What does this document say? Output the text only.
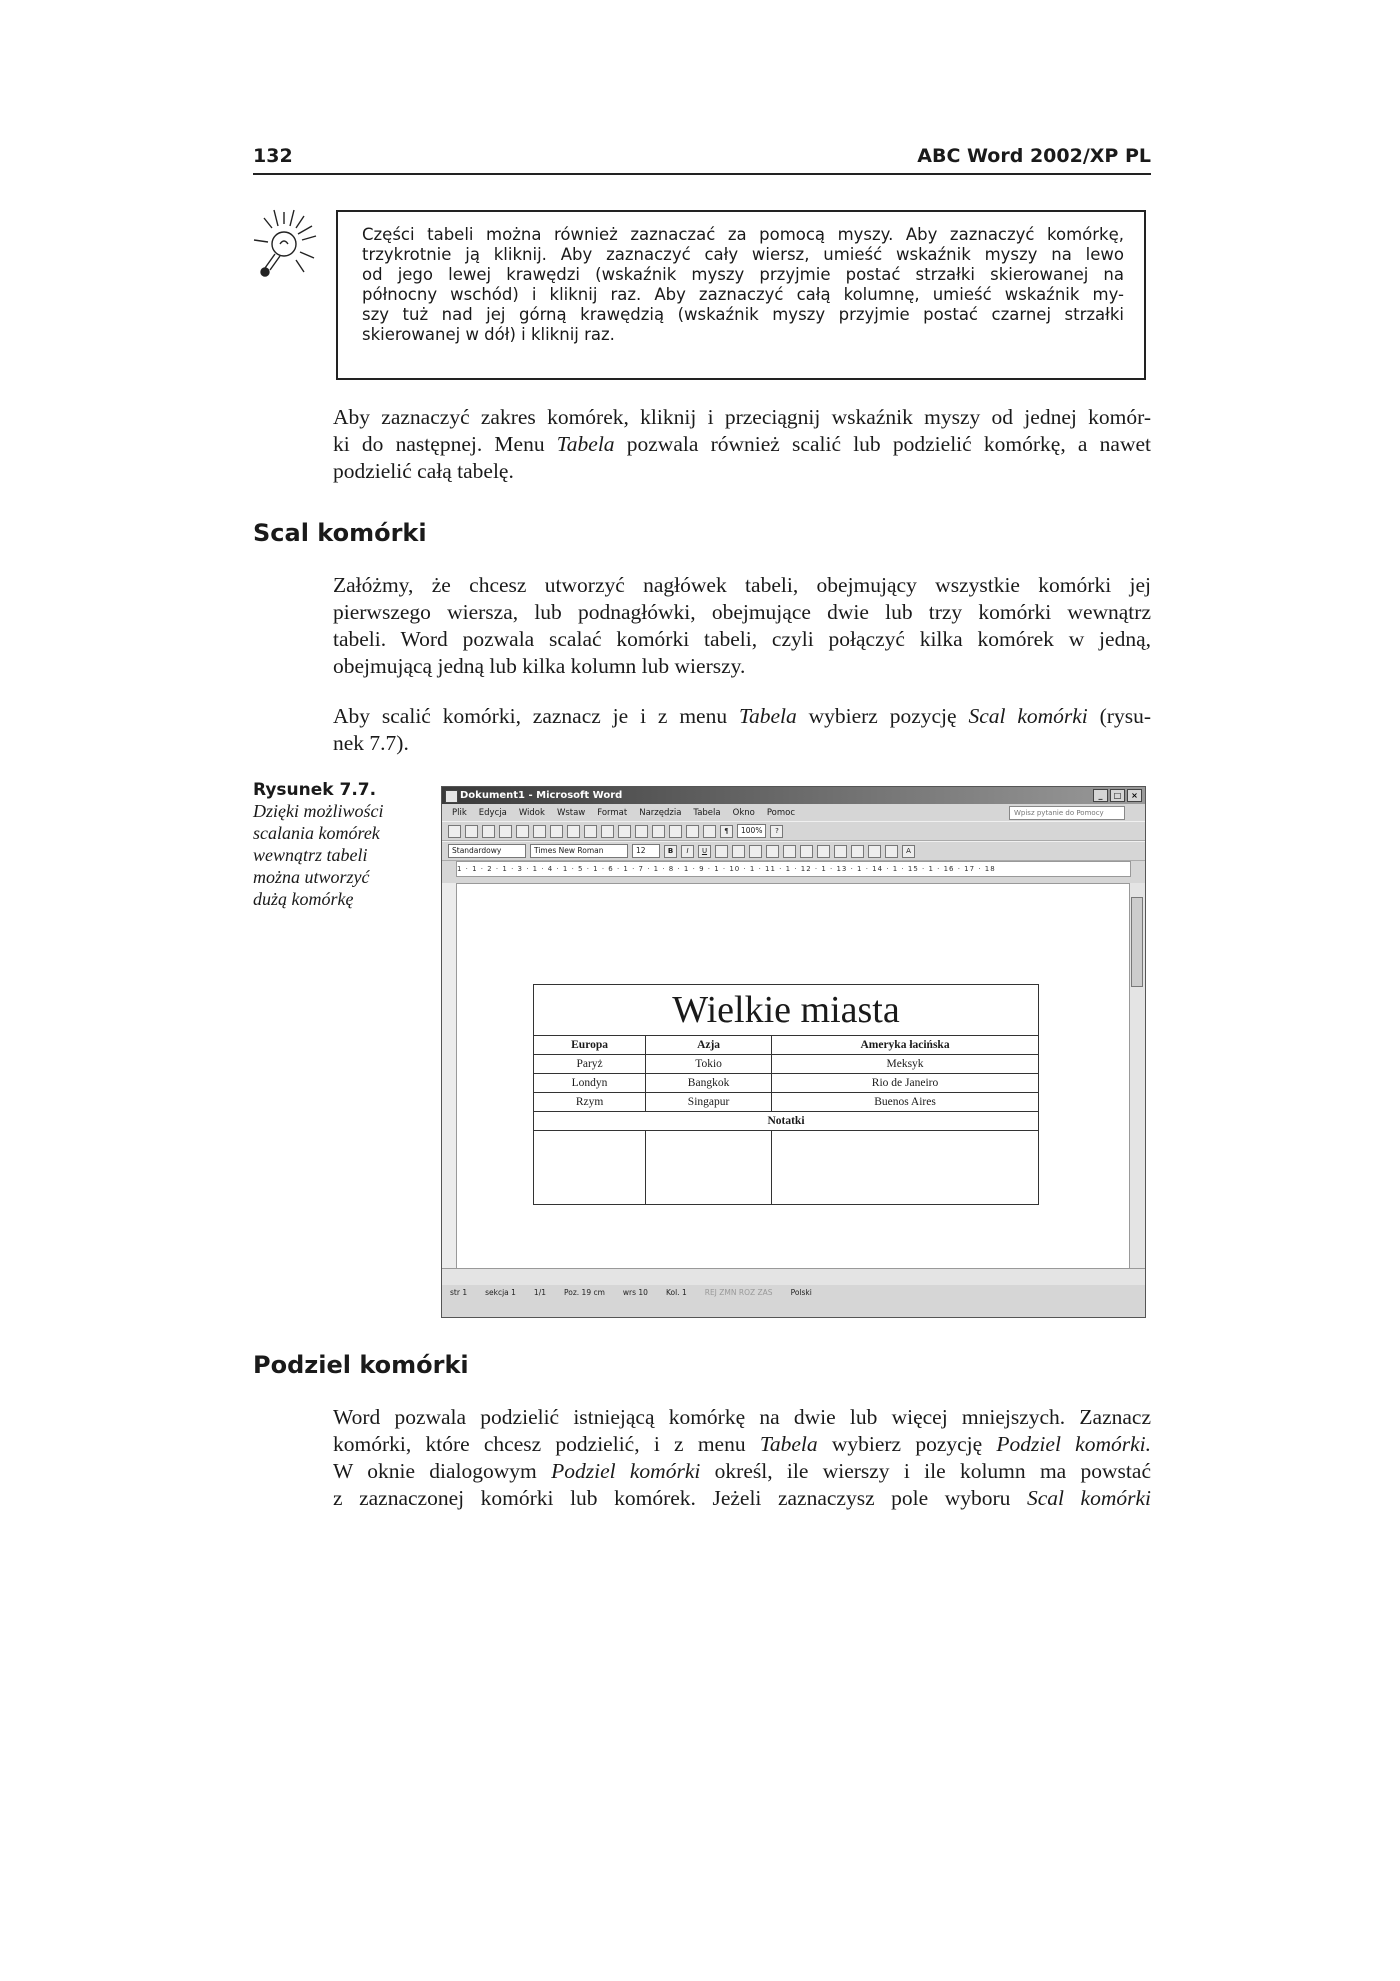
132	ABC Word 2002/XP PL
Części tabeli można również zaznaczać za pomocą myszy. Aby zaznaczyć komórkę,
trzykrotnie ją kliknij. Aby zaznaczyć cały wiersz, umieść wskaźnik myszy na lewo
od jego lewej krawędzi (wskaźnik myszy przyjmie postać strzałki skierowanej na
północny wschód) i kliknij raz. Aby zaznaczyć całą kolumnę, umieść wskaźnik my-
szy tuż nad jej górną krawędzią (wskaźnik myszy przyjmie postać czarnej strzałki
skierowanej w dół) i kliknij raz.
Aby zaznaczyć zakres komórek, kliknij i przeciągnij wskaźnik myszy od jednej komór-
ki do następnej. Menu Tabela pozwala również scalić lub podzielić komórkę, a nawet
podzielić całą tabelę.
Scal komórki
Załóżmy, że chcesz utworzyć nagłówek tabeli, obejmujący wszystkie komórki jej
pierwszego wiersza, lub podnagłówki, obejmujące dwie lub trzy komórki wewnątrz
tabeli. Word pozwala scalać komórki tabeli, czyli połączyć kilka komórek w jedną,
obejmującą jedną lub kilka kolumn lub wierszy.
Aby scalić komórki, zaznacz je i z menu Tabela wybierz pozycję Scal komórki (rysu-
nek 7.7).
Rysunek 7.7.
Dzięki możliwości
scalania komórek
wewnątrz tabeli
można utworzyć
dużą komórkę
Dokument1 - Microsoft Word	_	□	×
Plik Edycja Widok Wstaw Format Narzędzia Tabela Okno Pomoc	Wpisz pytanie do Pomocy
¶	100%	?
Standardowy	Times New Roman	12	B	I	U	A
1 · 1 · 2 · 1 · 3 · 1 · 4 · 1 · 5 · 1 · 6 · 1 · 7 · 1 · 8 · 1 · 9 · 1 · 10 · 1 · 11 · 1 · 12 · 1 · 13 · 1 · 14 · 1 · 15 · 1 · 16 · 17 · 18
Wielkie miasta		
Europa	Azja	Ameryka łacińska
Paryż	Tokio	Meksyk
Londyn	Bangkok	Rio de Janeiro
Rzym	Singapur	Buenos Aires
Notatki		

str 1 sekcja 1 1/1 Poz. 19 cm wrs 10 Kol. 1 REJ ZMN ROZ ZAS Polski
Podziel komórki
Word pozwala podzielić istniejącą komórkę na dwie lub więcej mniejszych. Zaznacz
komórki, które chcesz podzielić, i z menu Tabela wybierz pozycję Podziel komórki.
W oknie dialogowym Podziel komórki określ, ile wierszy i ile kolumn ma powstać
z zaznaczonej komórki lub komórek. Jeżeli zaznaczysz pole wyboru Scal komórki
